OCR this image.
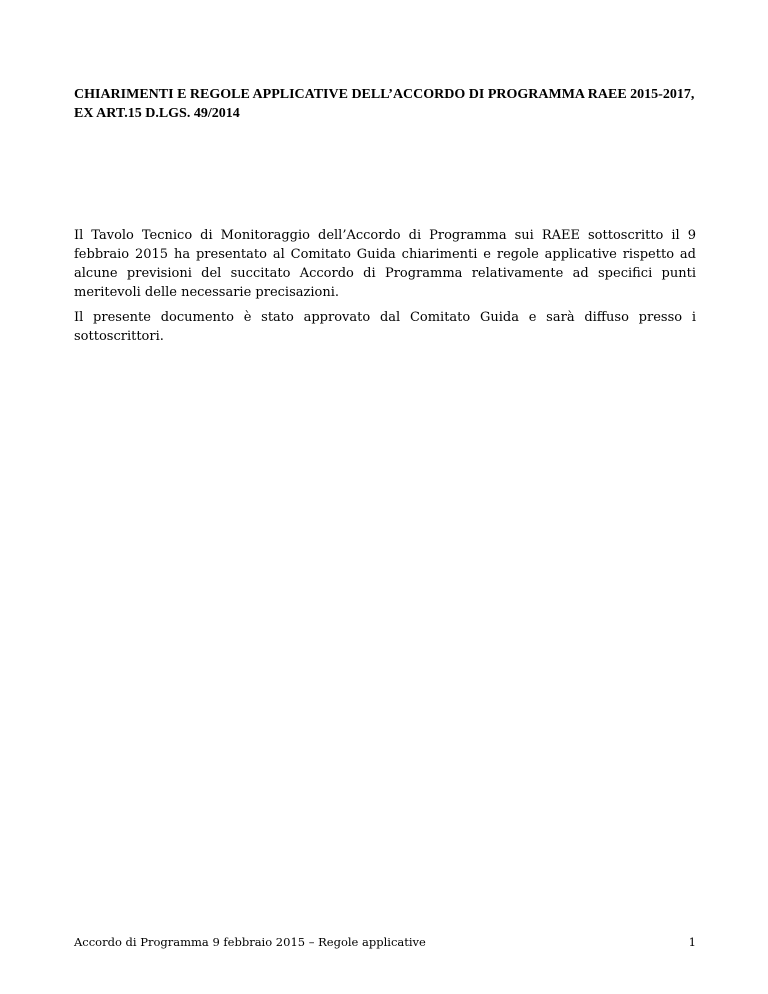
CHIARIMENTI E REGOLE APPLICATIVE DELL’ACCORDO DI PROGRAMMA RAEE 2015-2017, EX ART.15 D.LGS. 49/2014

Il Tavolo Tecnico di Monitoraggio dell’Accordo di Programma sui RAEE sottoscritto il 9 febbraio 2015 ha presentato al Comitato Guida chiarimenti e regole applicative rispetto ad alcune previsioni del succitato Accordo di Programma relativamente ad specifici punti meritevoli delle necessarie precisazioni.

Il presente documento è stato approvato dal Comitato Guida e sarà diffuso presso i sottoscrittori.

Accordo di Programma 9 febbraio 2015 – Regole applicative	1
